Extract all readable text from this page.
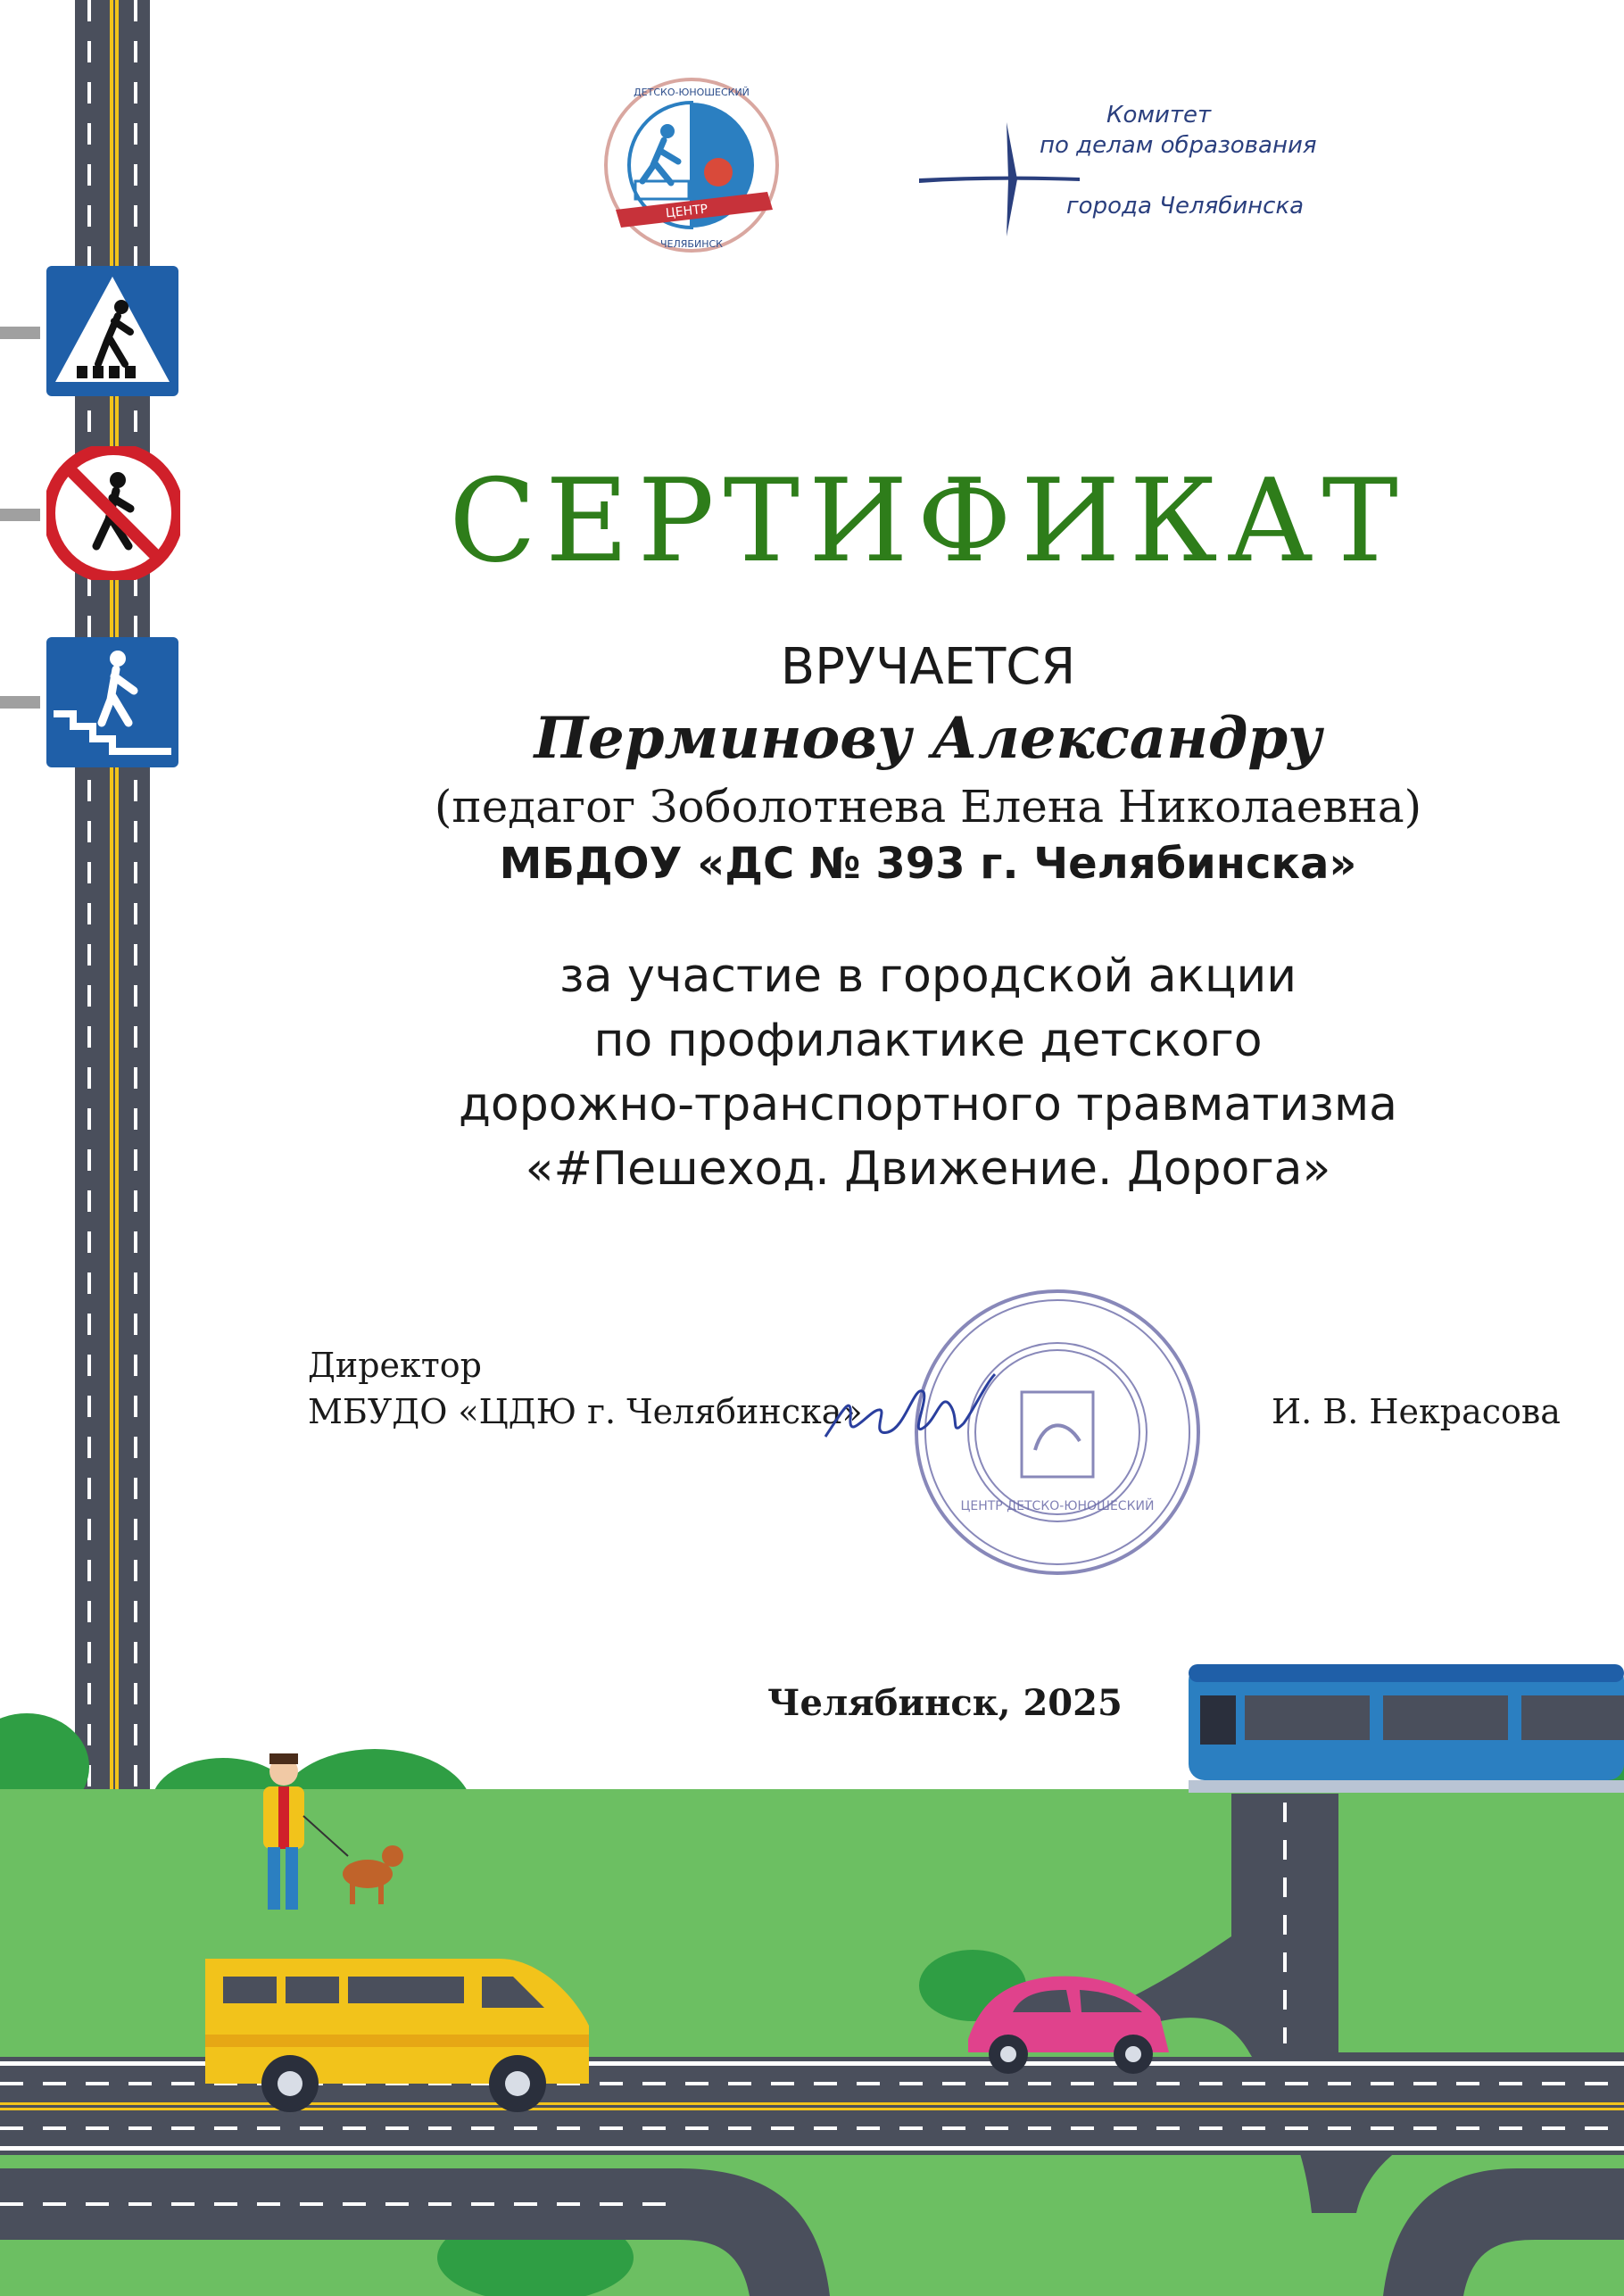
ЦЕНТР
ДЕТСКО-ЮНОШЕСКИЙ
ЧЕЛЯБИНСК
Комитет
по делам образования
города Челябинска
СЕРТИФИКАТ
ВРУЧАЕТСЯ
Перминову Александру
(педагог Зоболотнева Елена Николаевна)
МБДОУ «ДС № 393 г. Челябинска»
за участие в городской акции
по профилактике детского
дорожно-транспортного травматизма
«#Пешеход. Движение. Дорога»
Директор
МБУДО «ЦДЮ г. Челябинска»	И. В. Некрасова
ЦЕНТР ДЕТСКО-ЮНОШЕСКИЙ
Челябинск, 2025
